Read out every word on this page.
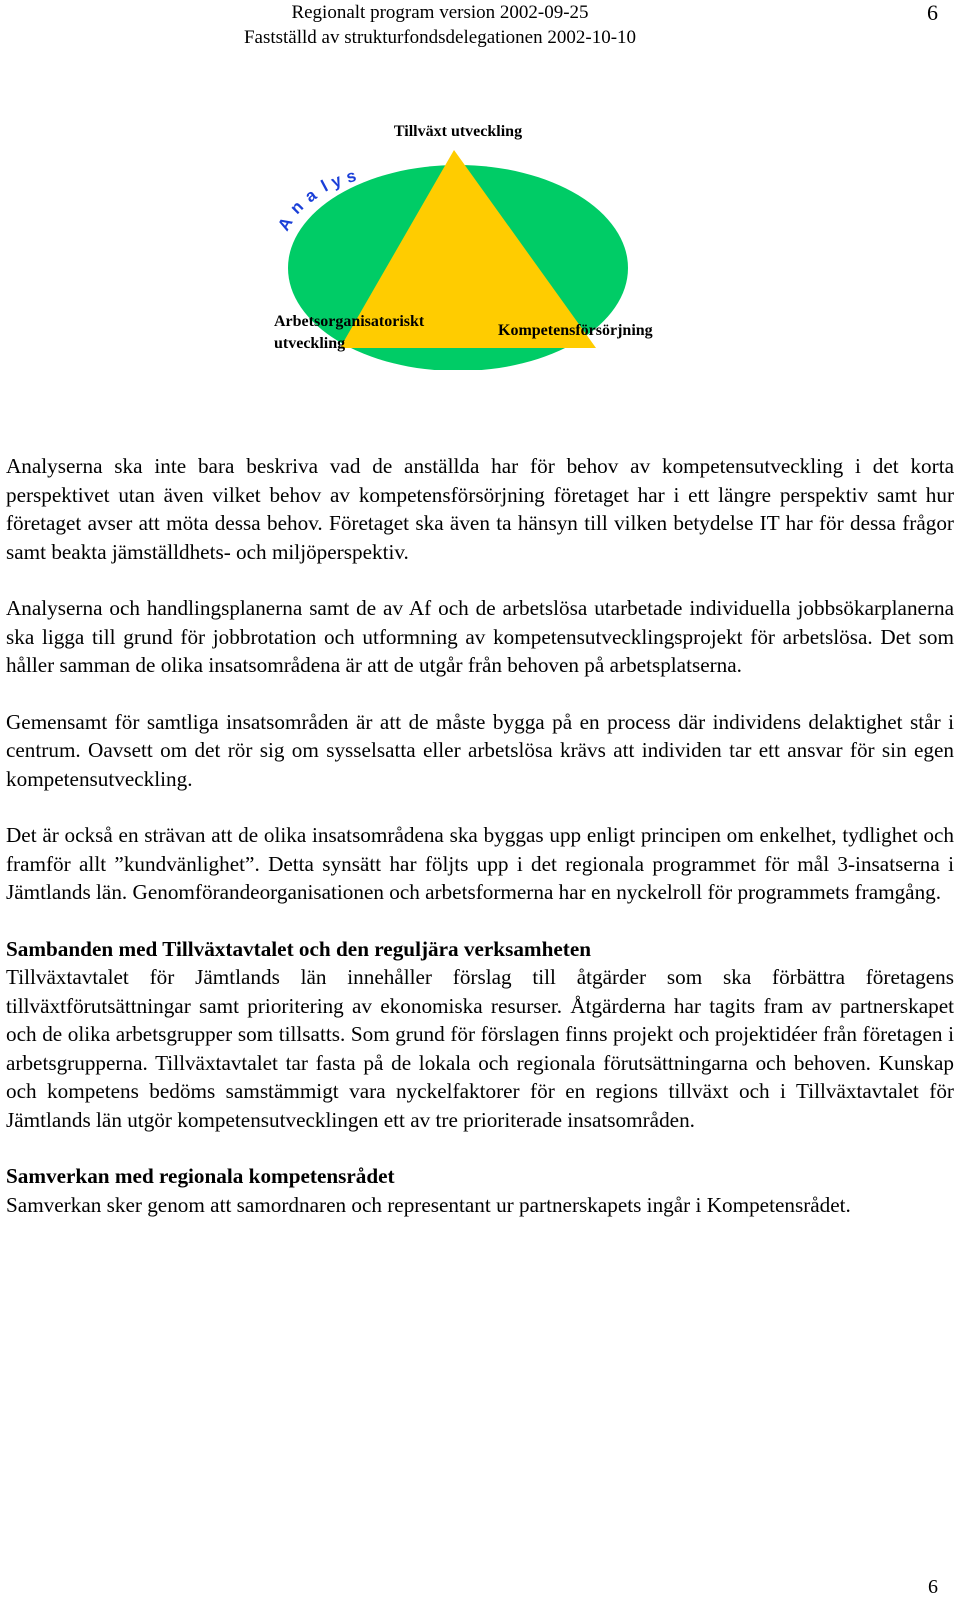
Regionalt program version 2002-09-25
Fastställd av strukturfondsdelegationen 2002-10-10
6
Tillväxt utveckling
A
n
a
l
y s
Arbetsorganisatoriskt
utveckling
Kompetensförsörjning

Analyserna ska inte bara beskriva vad de anställda har för behov av kompetensutveckling i det korta perspektivet utan även vilket behov av kompetensförsörjning företaget har i ett längre perspektiv samt hur företaget avser att möta dessa behov. Företaget ska även ta hänsyn till vilken betydelse IT har för dessa frågor samt beakta jämställdhets- och miljöperspektiv.

Analyserna och handlingsplanerna samt de av Af och de arbetslösa utarbetade individuella jobbsökarplanerna ska ligga till grund för jobbrotation och utformning av kompetensutvecklingsprojekt för arbetslösa. Det som håller samman de olika insatsområdena är att de utgår från behoven på arbetsplatserna.

Gemensamt för samtliga insatsområden är att de måste bygga på en process där individens delaktighet står i centrum. Oavsett om det rör sig om sysselsatta eller arbetslösa krävs att individen tar ett ansvar för sin egen kompetensutveckling.

Det är också en strävan att de olika insatsområdena ska byggas upp enligt principen om enkelhet, tydlighet och framför allt ”kundvänlighet”. Detta synsätt har följts upp i det regionala programmet för mål 3-insatserna i Jämtlands län. Genomförandeorganisationen och arbetsformerna har en nyckelroll för programmets framgång.

Sambanden med Tillväxtavtalet och den reguljära verksamheten

Tillväxtavtalet för Jämtlands län innehåller förslag till åtgärder som ska förbättra företagens tillväxtförutsättningar samt prioritering av ekonomiska resurser. Åtgärderna har tagits fram av partnerskapet och de olika arbetsgrupper som tillsatts. Som grund för förslagen finns projekt och projektidéer från företagen i arbetsgrupperna. Tillväxtavtalet tar fasta på de lokala och regionala förutsättningarna och behoven. Kunskap och kompetens bedöms samstämmigt vara nyckelfaktorer för en regions tillväxt och i Tillväxtavtalet för Jämtlands län utgör kompetensutvecklingen ett av tre prioriterade insatsområden.

Samverkan med regionala kompetensrådet

Samverkan sker genom att samordnaren och representant ur partnerskapets ingår i Kompetensrådet.

6
